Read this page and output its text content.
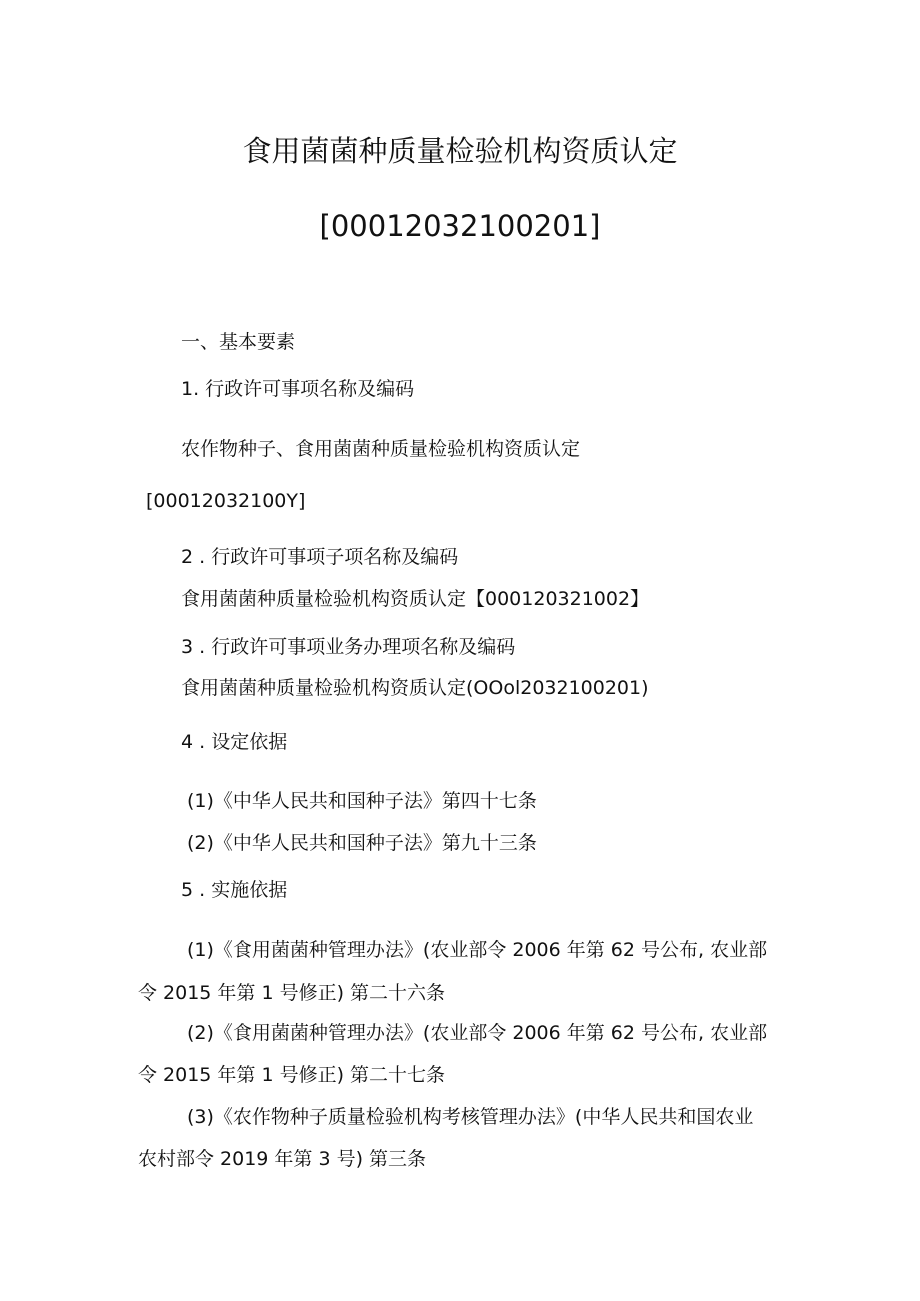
食用菌菌种质量检验机构资质认定
[00012032100201]
一、基本要素
1. 行政许可事项名称及编码
农作物种子、食用菌菌种质量检验机构资质认定
[00012032100Y]
2 . 行政许可事项子项名称及编码
食用菌菌种质量检验机构资质认定【000120321002】
3 . 行政许可事项业务办理项名称及编码
食用菌菌种质量检验机构资质认定(OOol2032100201)
4 . 设定依据
(1)《中华人民共和国种子法》第四十七条
(2)《中华人民共和国种子法》第九十三条
5 . 实施依据
(1)《食用菌菌种管理办法》(农业部令 2006 年第 62 号公布, 农业部
令 2015 年第 1 号修正) 第二十六条
(2)《食用菌菌种管理办法》(农业部令 2006 年第 62 号公布, 农业部
令 2015 年第 1 号修正) 第二十七条
(3)《农作物种子质量检验机构考核管理办法》(中华人民共和国农业
农村部令 2019 年第 3 号) 第三条
